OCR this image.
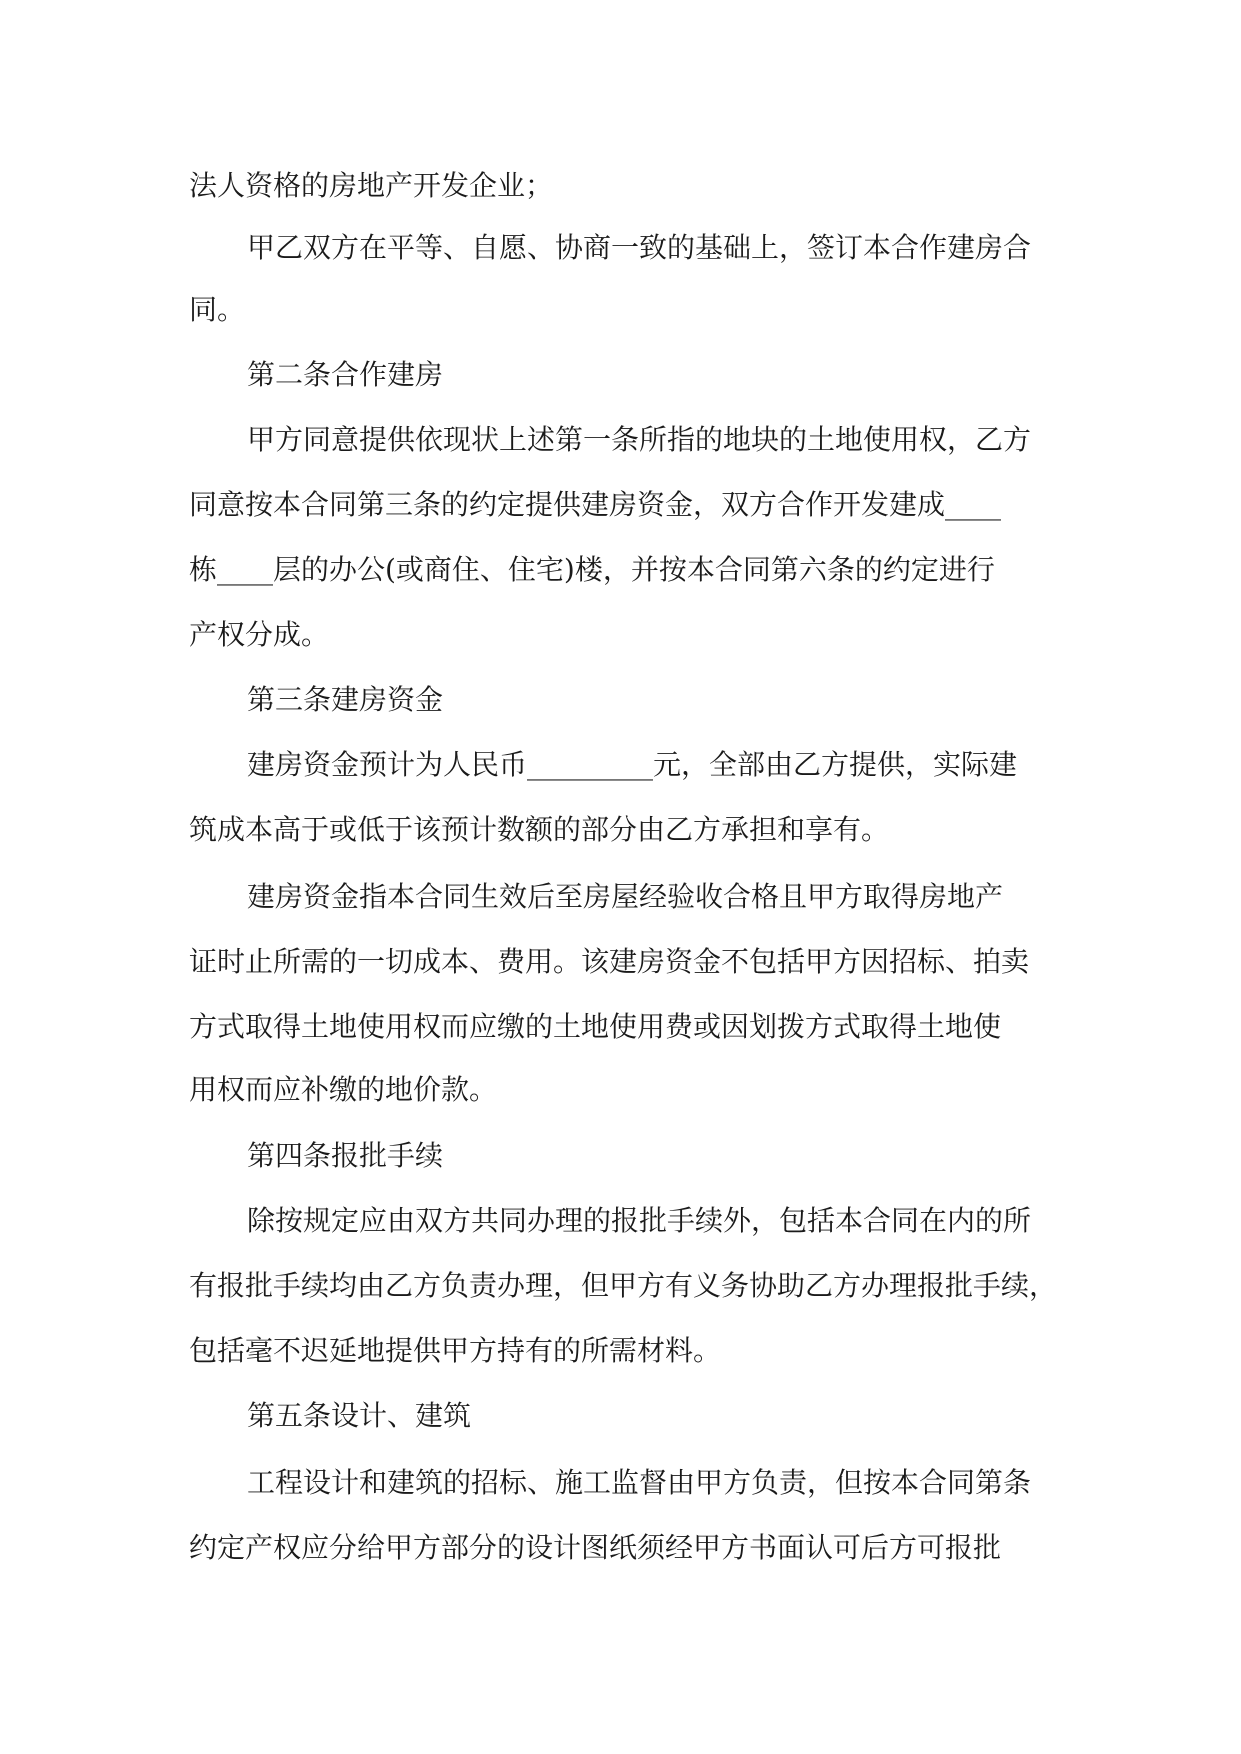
法人资格的房地产开发企业；
甲乙双方在平等、自愿、协商一致的基础上，签订本合作建房合
同。
第二条合作建房
甲方同意提供依现状上述第一条所指的地块的土地使用权，乙方
同意按本合同第三条的约定提供建房资金，双方合作开发建成____
栋____层的办公(或商住、住宅)楼，并按本合同第六条的约定进行
产权分成。
第三条建房资金
建房资金预计为人民币_________元，全部由乙方提供，实际建
筑成本高于或低于该预计数额的部分由乙方承担和享有。
建房资金指本合同生效后至房屋经验收合格且甲方取得房地产
证时止所需的一切成本、费用。该建房资金不包括甲方因招标、拍卖
方式取得土地使用权而应缴的土地使用费或因划拨方式取得土地使
用权而应补缴的地价款。
第四条报批手续
除按规定应由双方共同办理的报批手续外，包括本合同在内的所
有报批手续均由乙方负责办理，但甲方有义务协助乙方办理报批手续，
包括毫不迟延地提供甲方持有的所需材料。
第五条设计、建筑
工程设计和建筑的招标、施工监督由甲方负责，但按本合同第条
约定产权应分给甲方部分的设计图纸须经甲方书面认可后方可报批
